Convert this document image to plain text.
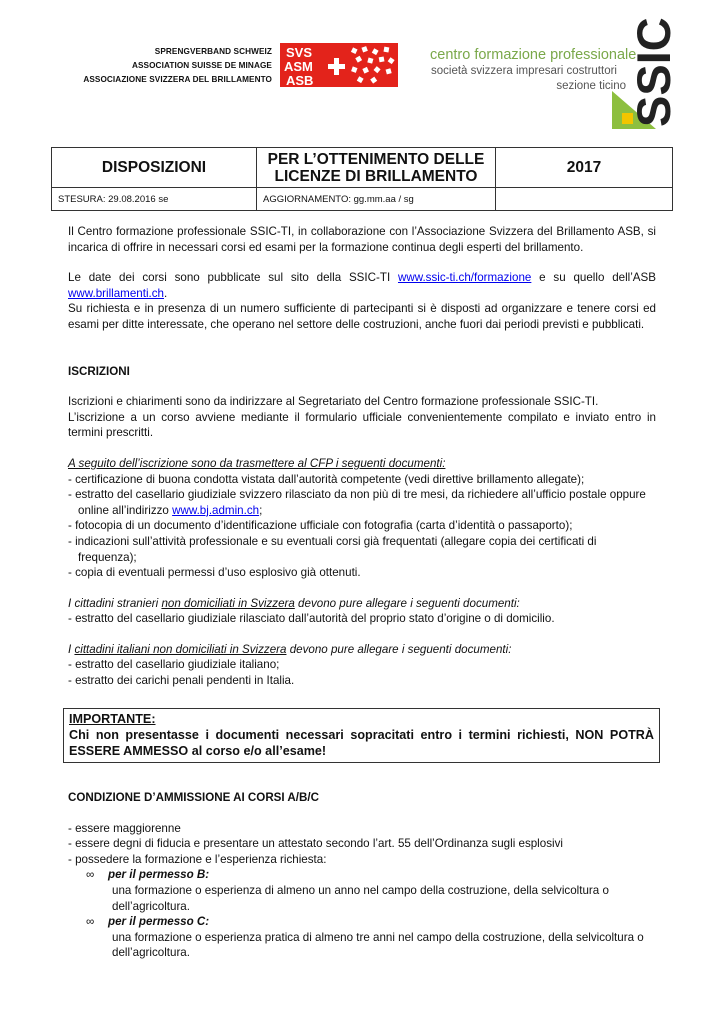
SPRENGVERBAND SCHWEIZ
ASSOCIATION SUISSE DE MINAGE
ASSOCIAZIONE SVIZZERA DEL BRILLAMENTO
SVS
ASM
ASB
centro formazione professionale
società svizzera impresari costruttori
sezione ticino SSIC
DISPOSIZIONI	PER L’OTTENIMENTO DELLE LICENZE DI BRILLAMENTO	2017
STESURA: 29.08.2016 se	AGGIORNAMENTO: gg.mm.aa / sg	

Il Centro formazione professionale SSIC-TI, in collaborazione con l’Associazione Svizzera del Brillamento ASB, si incarica di offrire in necessari corsi ed esami per la formazione continua degli esperti del brillamento.

Le date dei corsi sono pubblicate sul sito della SSIC-TI www.ssic-ti.ch/formazione e su quello dell’ASB www.brillamenti.ch.

Su richiesta e in presenza di un numero sufficiente di partecipanti si è disposti ad organizzare e tenere corsi ed esami per ditte interessate, che operano nel settore delle costruzioni, anche fuori dai periodi previsti e pubblicati.

ISCRIZIONI

Iscrizioni e chiarimenti sono da indirizzare al Segretariato del Centro formazione professionale SSIC-TI.

L’iscrizione a un corso avviene mediante il formulario ufficiale convenientemente compilato e inviato entro in termini prescritti.

A seguito dell’iscrizione sono da trasmettere al CFP i seguenti documenti:

- certificazione di buona condotta vistata dall’autorità competente (vedi direttive brillamento allegate);

- estratto del casellario giudiziale svizzero rilasciato da non più di tre mesi, da richiedere all’ufficio postale oppure online all’indirizzo www.bj.admin.ch;

- fotocopia di un documento d’identificazione ufficiale con fotografia (carta d’identità o passaporto);

- indicazioni sull’attività professionale e su eventuali corsi già frequentati (allegare copia dei certificati di frequenza);

- copia di eventuali permessi d’uso esplosivo già ottenuti.

I cittadini stranieri non domiciliati in Svizzera devono pure allegare i seguenti documenti:

- estratto del casellario giudiziale rilasciato dall’autorità del proprio stato d’origine o di domicilio.

I cittadini italiani non domiciliati in Svizzera devono pure allegare i seguenti documenti:

- estratto del casellario giudiziale italiano;

- estratto dei carichi penali pendenti in Italia.

IMPORTANTE:
Chi non presentasse i documenti necessari sopracitati entro i termini richiesti, NON POTRÀ ESSERE AMMESSO al corso e/o all’esame!

CONDIZIONE D’AMMISSIONE AI CORSI A/B/C

- essere maggiorenne

- essere degni di fiducia e presentare un attestato secondo l’art. 55 dell’Ordinanza sugli esplosivi

- possedere la formazione e l’esperienza richiesta:

∞	per il permesso B:
una formazione o esperienza di almeno un anno nel campo della costruzione, della selvicoltura o dell’agricoltura.
∞	per il permesso C:
una formazione o esperienza pratica di almeno tre anni nel campo della costruzione, della selvicoltura o dell’agricoltura.
